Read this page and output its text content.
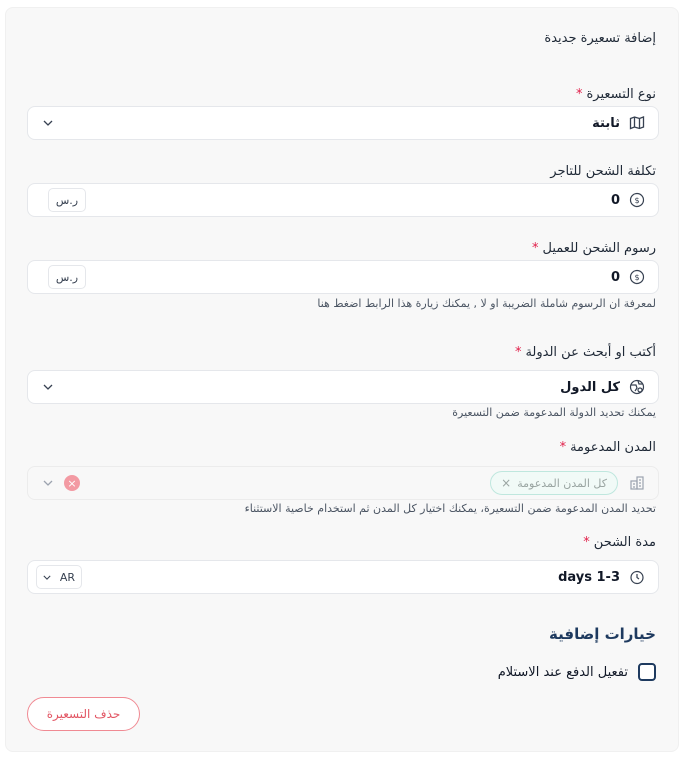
إضافة تسعيرة جديدة
نوع التسعيرة*
ثابتة
تكلفة الشحن للتاجر
$
0
ر.س
رسوم الشحن للعميل*
$
0
ر.س
لمعرفة ان الرسوم شاملة الضريبة او لا , يمكنك زيارة هذا الرابط اضغط هنا
أكتب او أبحث عن الدولة*
كل الدول
يمكنك تحديد الدولة المدعومة ضمن التسعيرة
المدن المدعومة*
كل المدن المدعومة
×
×
تحديد المدن المدعومة ضمن التسعيرة، يمكنك اختيار كل المدن ثم استخدام خاصية الاستثناء
مدة الشحن*
1-3 days
AR
خيارات إضافية
تفعيل الدفع عند الاستلام
حذف التسعيرة
